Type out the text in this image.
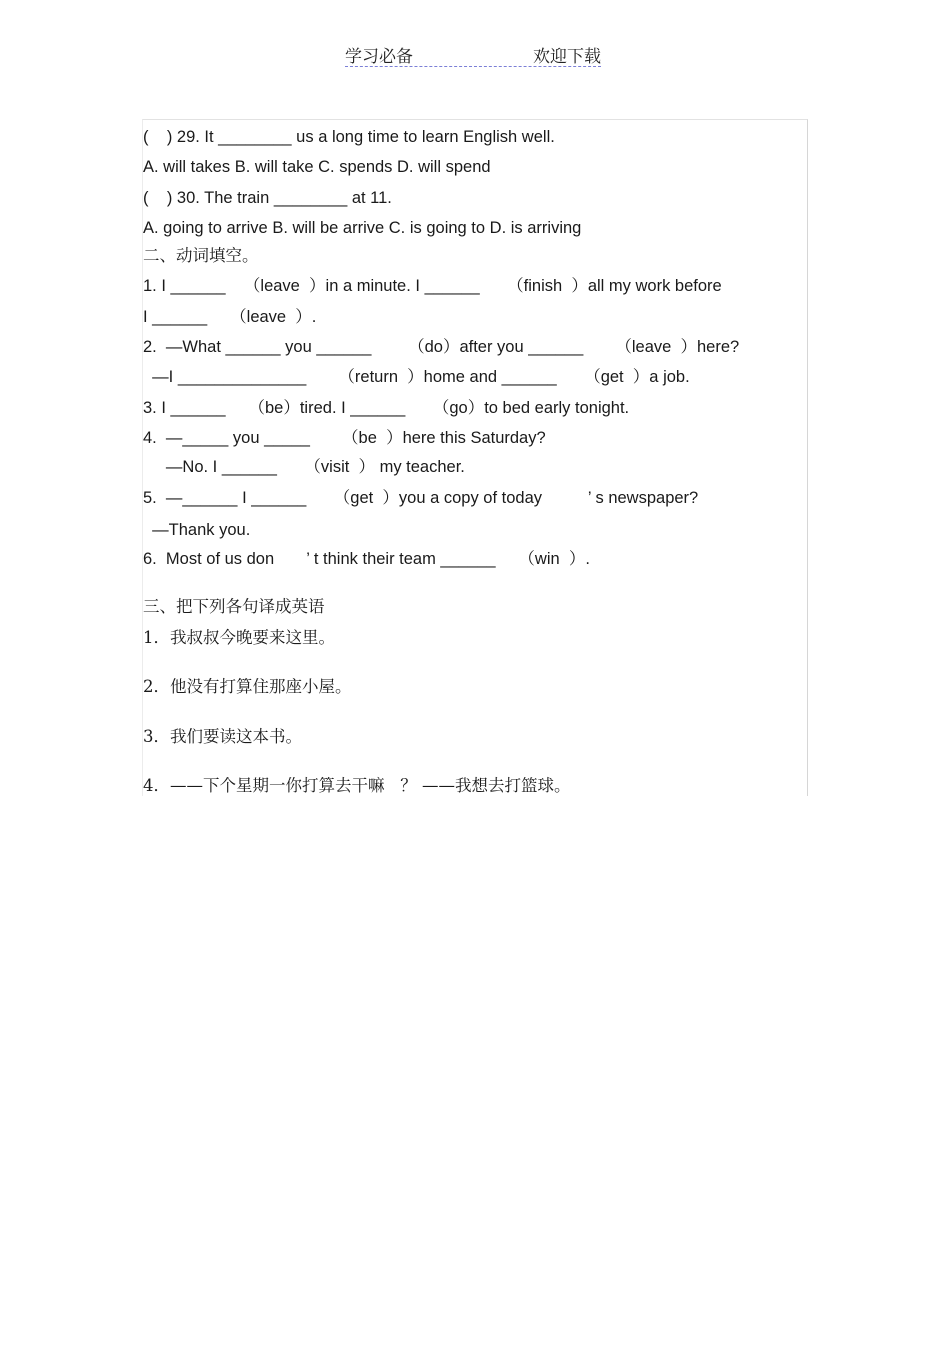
学习必备	欢迎下载
(    ) 29. It ________ us a long time to learn English well.
A. will takes B. will take C. spends D. will spend
(    ) 30. The train ________ at 11.
A. going to arrive B. will be arrive C. is going to D. is arriving
二、动词填空。
1. I ______    （leave  ）in a minute. I ______      （finish  ）all my work before
I ______     （leave  ）.
2.  —What ______ you ______        （do）after you ______       （leave  ）here?
—I ______________       （return  ）home and ______      （get  ）a job.
3. I ______     （be）tired. I ______      （go）to bed early tonight.
4.  —_____ you _____       （be  ）here this Saturday?
—No. I ______      （visit  ） my teacher.
5.  —______ I ______      （get  ）you a copy of today          ’ s newspaper?
—Thank you.
6.  Most of us don       ’ t think their team ______     （win  ）.
三、把下列各句译成英语
1．我叔叔今晚要来这里。
2．他没有打算住那座小屋。
3．我们要读这本书。
4．——下个星期一你打算去干嘛   ？ ——我想去打篮球。
